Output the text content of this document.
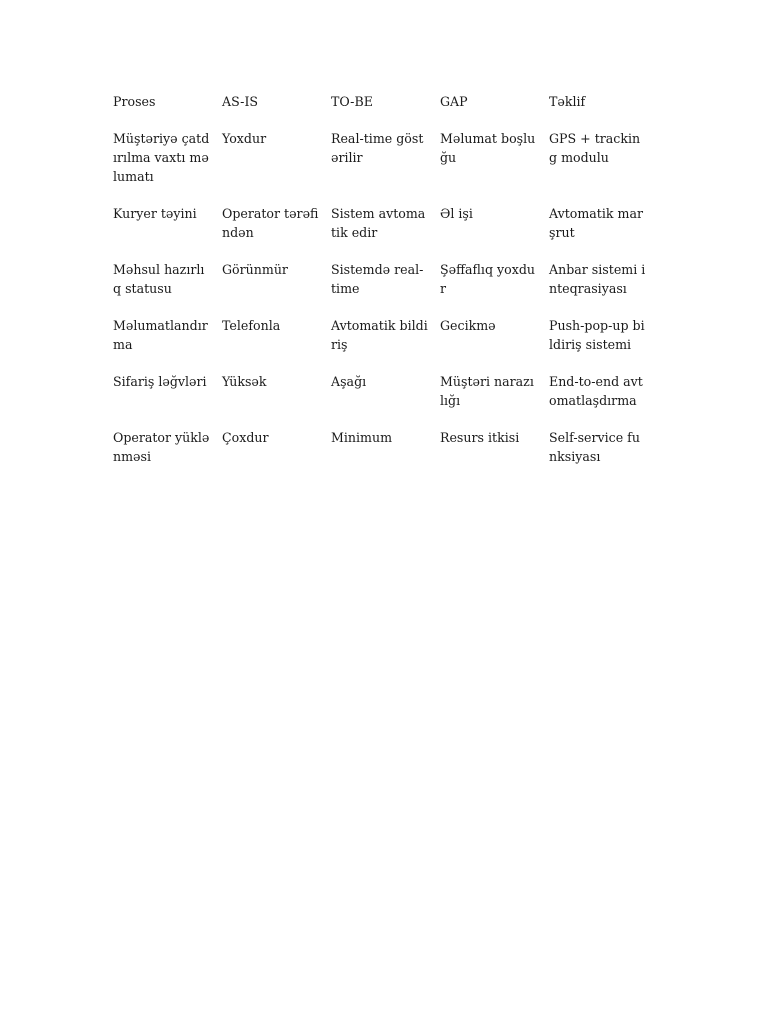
Proses	AS-IS	TO-BE	GAP	Təklif
Müştəriyə çatdırılma vaxtı məlumatı	Yoxdur	Real-time göstərilir	Məlumat boşluğu	GPS + tracking modulu
Kuryer təyini	Operator tərəfindən	Sistem avtomatik edir	Əl işi	Avtomatik marşrut
Məhsul hazırlıq statusu	Görünmür	Sistemdə real-time	Şəffaflıq yoxdur	Anbar sistemi inteqrasiyası
Məlumatlandırma	Telefonla	Avtomatik bildiriş	Gecikmə	Push-pop-up bildiriş sistemi
Sifariş ləğvləri	Yüksək	Aşağı	Müştəri narazılığı	End-to-end avtomatlaşdırma
Operator yüklənməsi	Çoxdur	Minimum	Resurs itkisi	Self-service funksiyası
